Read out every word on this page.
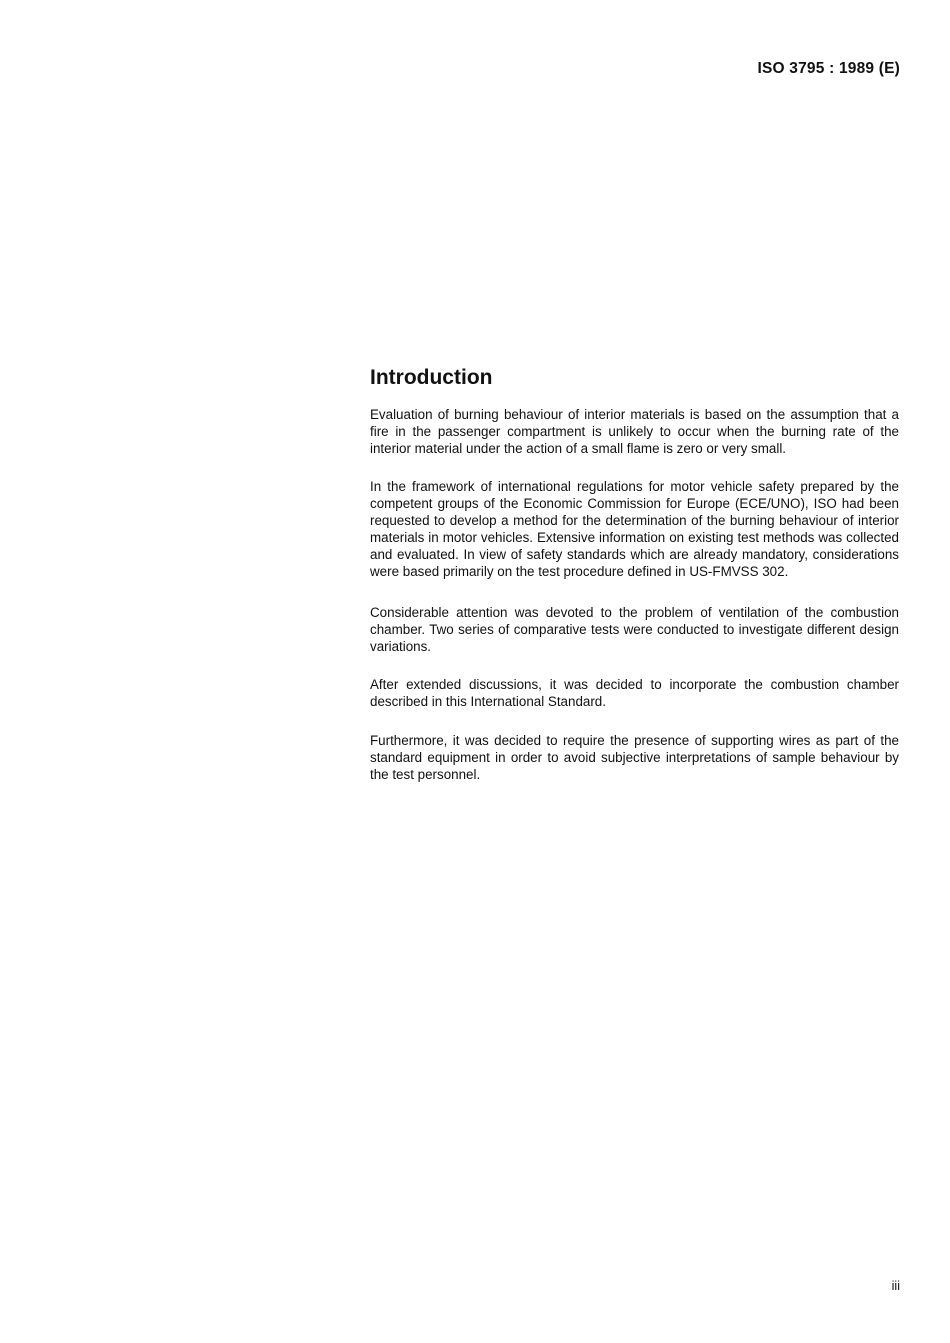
ISO 3795 : 1989 (E)
Introduction

Evaluation of burning behaviour of interior materials is based on the assumption that a fire in the passenger compartment is unlikely to occur when the burning rate of the interior material under the action of a small flame is zero or very small.

In the framework of international regulations for motor vehicle safety prepared by the competent groups of the Economic Commission for Europe (ECE/UNO), ISO had been requested to develop a method for the determination of the burning behaviour of interior materials in motor vehicles. Extensive information on existing test methods was collected and evaluated. In view of safety standards which are already mandatory, considerations were based primarily on the test procedure defined in US-FMVSS 302.

Considerable attention was devoted to the problem of ventilation of the combustion chamber. Two series of comparative tests were conducted to investigate different design variations.

After extended discussions, it was decided to incorporate the combustion chamber described in this International Standard.

Furthermore, it was decided to require the presence of supporting wires as part of the standard equipment in order to avoid subjective interpretations of sample behaviour by the test personnel.

iii
